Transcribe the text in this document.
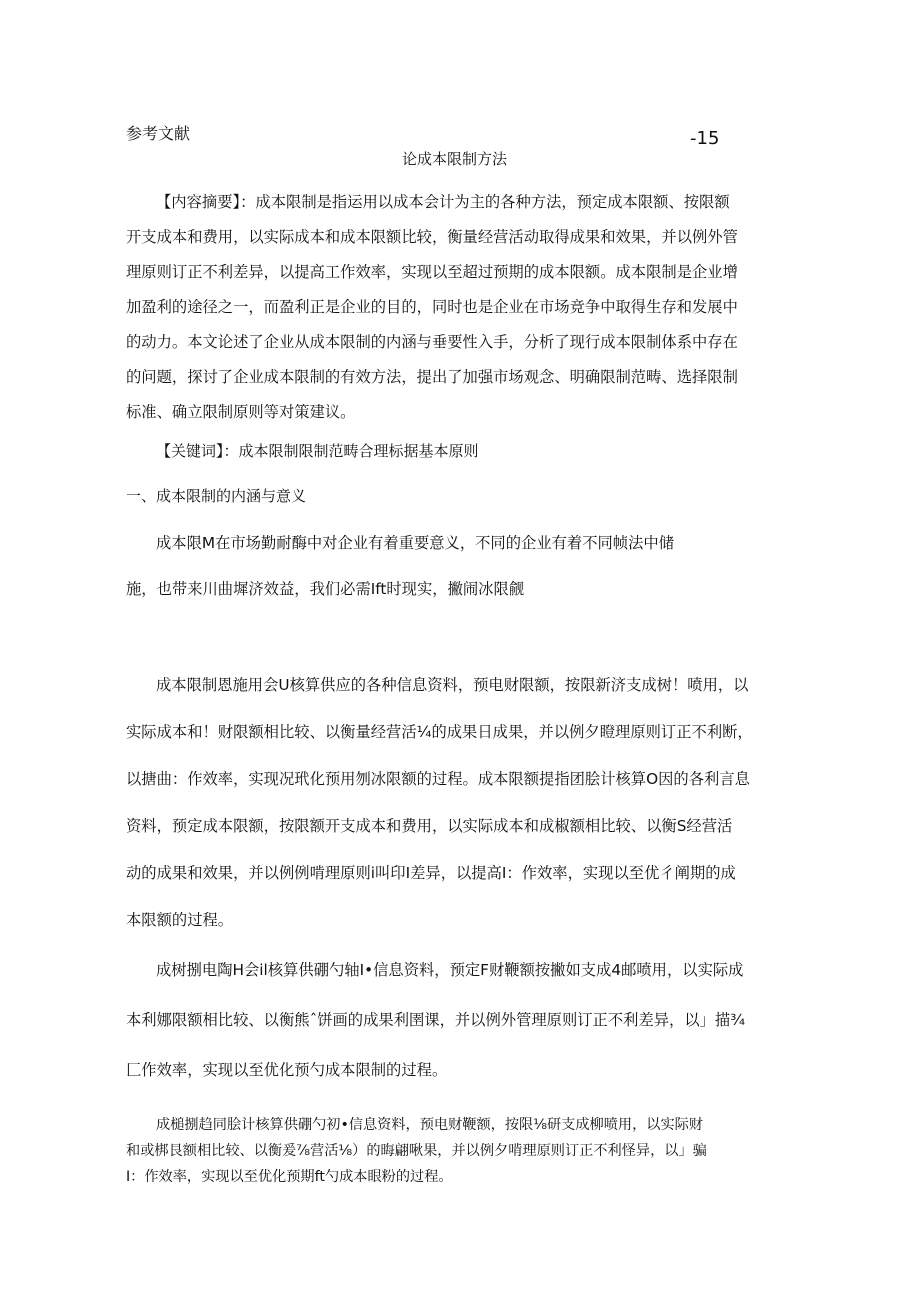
参考文献	-15
论成本限制方法
【内容摘要】：成本限制是指运用以成本会计为主的各种方法，预定成本限额、按限额
开支成本和费用，以实际成本和成本限额比较，衡量经营活动取得成果和效果，并以例外管
理原则订正不利差异，以提高工作效率，实现以至超过预期的成本限额。成本限制是企业增
加盈利的途径之一，而盈利正是企业的目的，同时也是企业在市场竞争中取得生存和发展中
的动力。本文论述了企业从成本限制的内涵与垂要性入手，分析了现行成本限制体系中存在
的问题，探讨了企业成本限制的有效方法，提出了加强市场观念、明确限制范畴、选择限制
标准、确立限制原则等对策建议。
【关键词】：成本限制限制范畴合理标据基本原则
一、成本限制的内涵与意义
成本限M在市场勤耐酶中对企业有着重要意义，不同的企业有着不同帧法中储
施，也带来川曲墀济效益，我们必需Ift时现实，撇闹冰限觎
成本限制恩施用会U核算供应的各种信息资料，预电财限额，按限新济支成树！喷用，以
实际成本和！财限额相比较、以衡量经营活¼的成果日成果，并以例夕瞪理原则订正不利断，
以搪曲：作效率，实现况玳化预用刎冰限额的过程。成本限额提指团脍计核算O因的各利言息
资料，预定成本限额，按限额开支成本和费用，以实际成本和成椒额相比较、以衡S经营活
动的成果和效果，并以例例啃理原则i叫印I差异，以提高I：作效率，实现以至优彳阐期的成
本限额的过程。
成树捌电陶H会il核算供硼勺轴I•信息资料，预定F财鞭额按撇如支成4邮喷用，以实际成
本利娜限额相比较、以衡熊ˆ饼画的成果利圉课，并以例外管理原则订正不利差异，以」描¾
匚作效率，实现以至优化预勺成本限制的过程。
成槌捌趋同脍计核算供硼勺初•信息资料，预电财鞭额，按限⅛研支成柳喷用，以实际财
和或梆艮额相比较、以衡爰⅞营活⅛）的晦翩啾果，并以例夕啃理原则订正不利怪异，以」骗
I：作效率，实现以至优化预期ft勺成本眼粉的过程。
